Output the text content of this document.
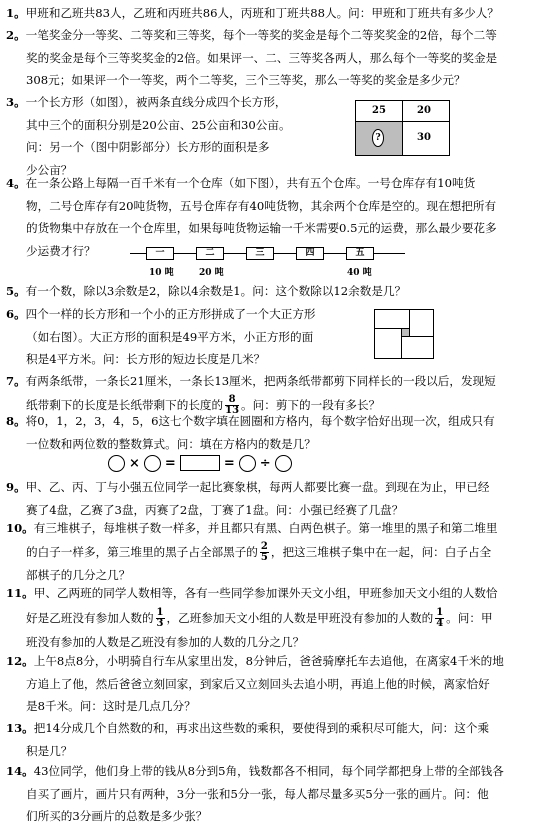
1。甲班和乙班共83人，乙班和丙班共86人，丙班和丁班共88人。问：甲班和丁班共有多少人？
2。一笔奖金分一等奖、二等奖和三等奖，每个一等奖的奖金是每个二等奖奖金的2倍，每个二等
奖的奖金是每个三等奖奖金的2倍。如果评一、二、三等奖各两人，那么每个一等奖的奖金是
308元；如果评一个一等奖，两个二等奖，三个三等奖，那么一等奖的奖金是多少元？
3。一个长方形（如图），被两条直线分成四个长方形，
其中三个的面积分别是20公亩、25公亩和30公亩。
问：另一个（图中阴影部分）长方形的面积是多
少公亩？
25	20
?	30
4。在一条公路上每隔一百千米有一个仓库（如下图），共有五个仓库。一号仓库存有10吨货
物，二号仓库存有20吨货物，五号仓库存有40吨货物，其余两个仓库是空的。现在想把所有
的货物集中存放在一个仓库里，如果每吨货物运输一千米需要0.5元的运费，那么最少要花多
少运费才行？	一	二	三	四	五
10 吨	20 吨	40 吨
5。有一个数，除以3余数是2，除以4余数是1。问：这个数除以12余数是几？
6。四个一样的长方形和一个小的正方形拼成了一个大正方形
（如右图）。大正方形的面积是49平方米，小正方形的面
积是4平方米。问：长方形的短边长度是几米？
7。有两条纸带，一条长21厘米，一条长13厘米，把两条纸带都剪下同样长的一段以后，发现短
纸带剩下的长度是长纸带剩下的长度的 $\frac{8}{13}$ 。问：剪下的一段有多长？
8。将0，1，2，3，4，5，6这七个数字填在圆圈和方格内，每个数字恰好出现一次，组成只有
一位数和两位数的整数算式。问：填在方格内的数是几？
× =	= ÷
9。甲、乙、丙、丁与小强五位同学一起比赛象棋，每两人都要比赛一盘。到现在为止，甲已经
赛了4盘，乙赛了3盘，丙赛了2盘，丁赛了1盘。问：小强已经赛了几盘？
10。有三堆棋子，每堆棋子数一样多，并且都只有黑、白两色棋子。第一堆里的黑子和第二堆里
的白子一样多，第三堆里的黑子占全部黑子的 $\frac{2}{5}$ ，把这三堆棋子集中在一起，问：白子占全
部棋子的几分之几？
11。甲、乙两班的同学人数相等，各有一些同学参加课外天文小组，甲班参加天文小组的人数恰
好是乙班没有参加人数的 $\frac{1}{3}$ ，乙班参加天文小组的人数是甲班没有参加的人数的 $\frac{1}{4}$ 。问：甲
班没有参加的人数是乙班没有参加的人数的几分之几？
12。上午8点8分，小明骑自行车从家里出发，8分钟后，爸爸骑摩托车去追他，在离家4千米的地
方追上了他，然后爸爸立刻回家，到家后又立刻回头去追小明，再追上他的时候，离家恰好
是8千米。问：这时是几点几分？
13。把14分成几个自然数的和，再求出这些数的乘积，要使得到的乘积尽可能大，问：这个乘
积是几？
14。43位同学，他们身上带的钱从8分到5角，钱数都各不相同，每个同学都把身上带的全部钱各
自买了画片，画片只有两种，3分一张和5分一张，每人都尽量多买5分一张的画片。问：他
们所买的3分画片的总数是多少张？
